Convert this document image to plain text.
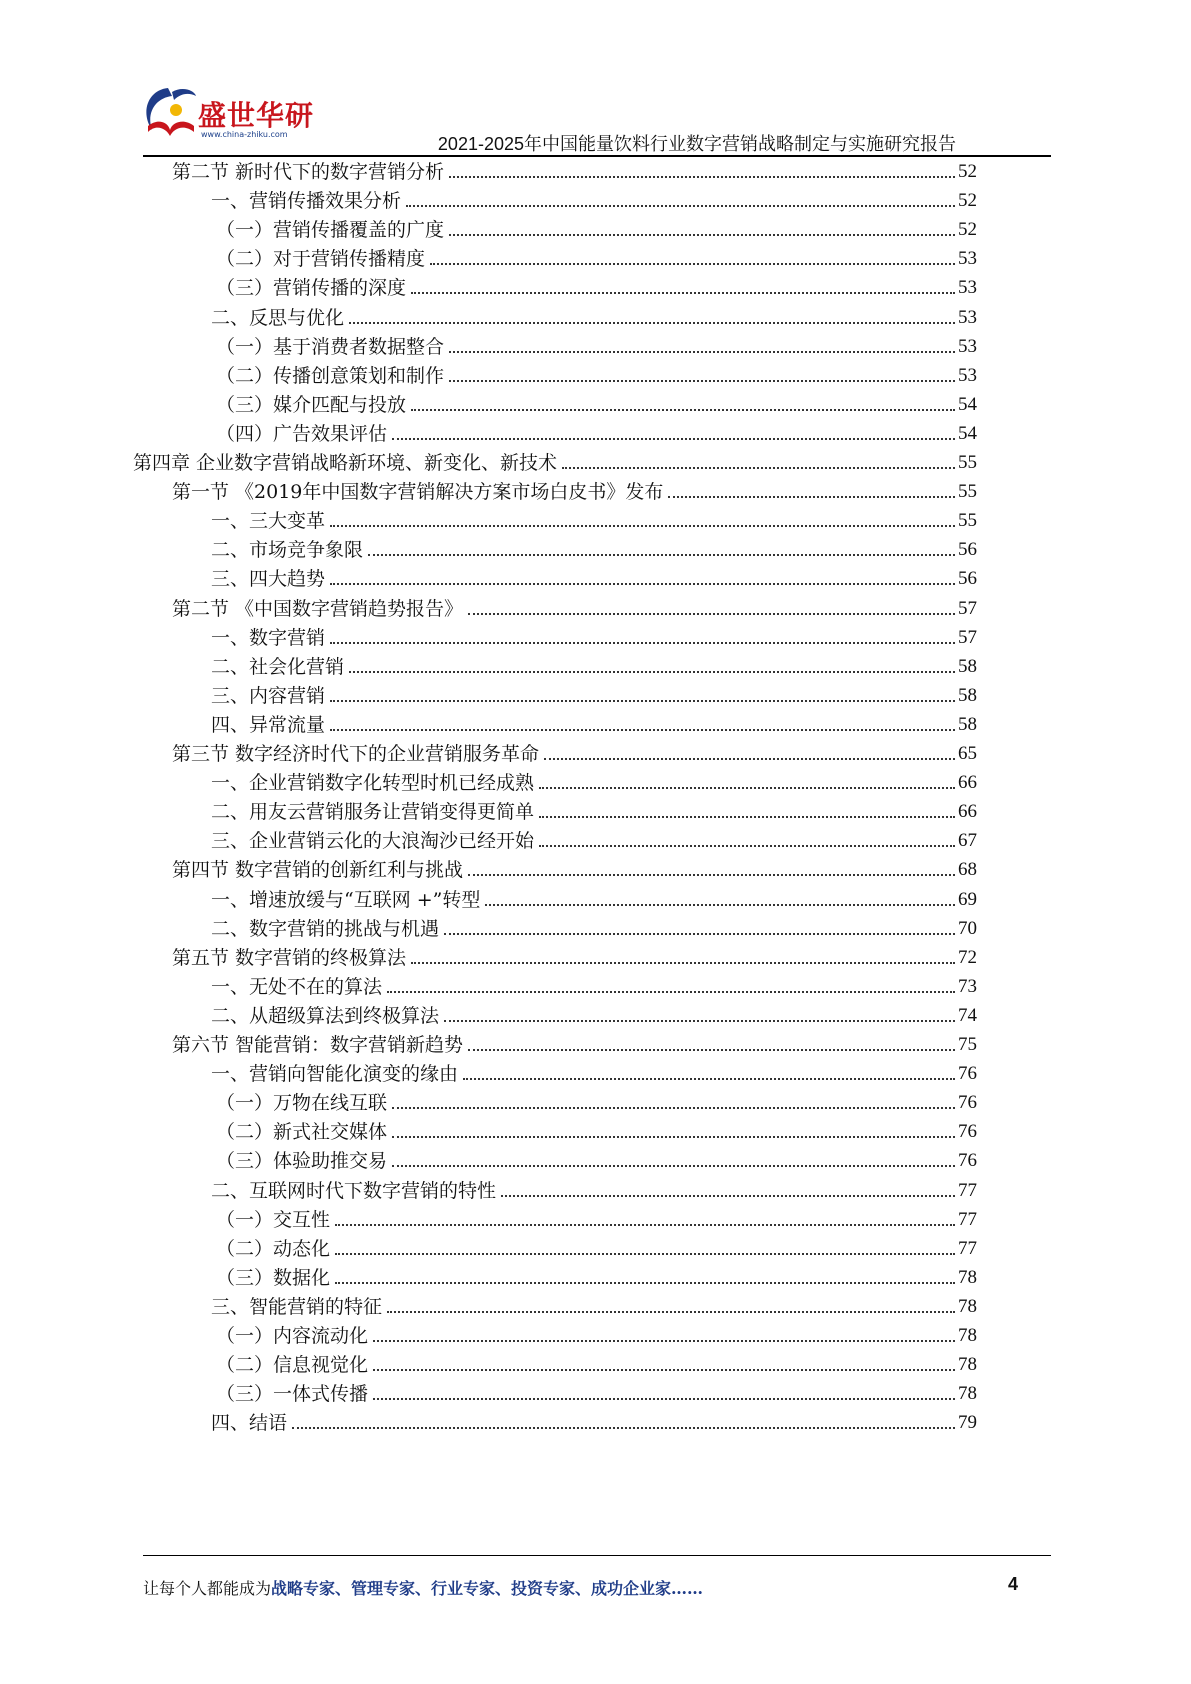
盛世华研
www.china-zhiku.com	2021-2025年中国能量饮料行业数字营销战略制定与实施研究报告
第二节 新时代下的数字营销分析	52
一、营销传播效果分析	52
（一）营销传播覆盖的广度	52
（二）对于营销传播精度	53
（三）营销传播的深度	53
二、反思与优化	53
（一）基于消费者数据整合	53
（二）传播创意策划和制作	53
（三）媒介匹配与投放	54
（四）广告效果评估	54
第四章 企业数字营销战略新环境、新变化、新技术	55
第一节 《2019年中国数字营销解决方案市场白皮书》发布	55
一、三大变革	55
二、市场竞争象限	56
三、四大趋势	56
第二节 《中国数字营销趋势报告》	57
一、数字营销	57
二、社会化营销	58
三、内容营销	58
四、异常流量	58
第三节 数字经济时代下的企业营销服务革命	65
一、企业营销数字化转型时机已经成熟	66
二、用友云营销服务让营销变得更简单	66
三、企业营销云化的大浪淘沙已经开始	67
第四节 数字营销的创新红利与挑战	68
一、增速放缓与“互联网 +”转型	69
二、数字营销的挑战与机遇	70
第五节 数字营销的终极算法	72
一、无处不在的算法	73
二、从超级算法到终极算法	74
第六节 智能营销：数字营销新趋势	75
一、营销向智能化演变的缘由	76
（一）万物在线互联	76
（二）新式社交媒体	76
（三）体验助推交易	76
二、互联网时代下数字营销的特性	77
（一）交互性	77
（二）动态化	77
（三）数据化	78
三、智能营销的特征	78
（一）内容流动化	78
（二）信息视觉化	78
（三）一体式传播	78
四、结语	79
让每个人都能成为战略专家、管理专家、行业专家、投资专家、成功企业家……	4
